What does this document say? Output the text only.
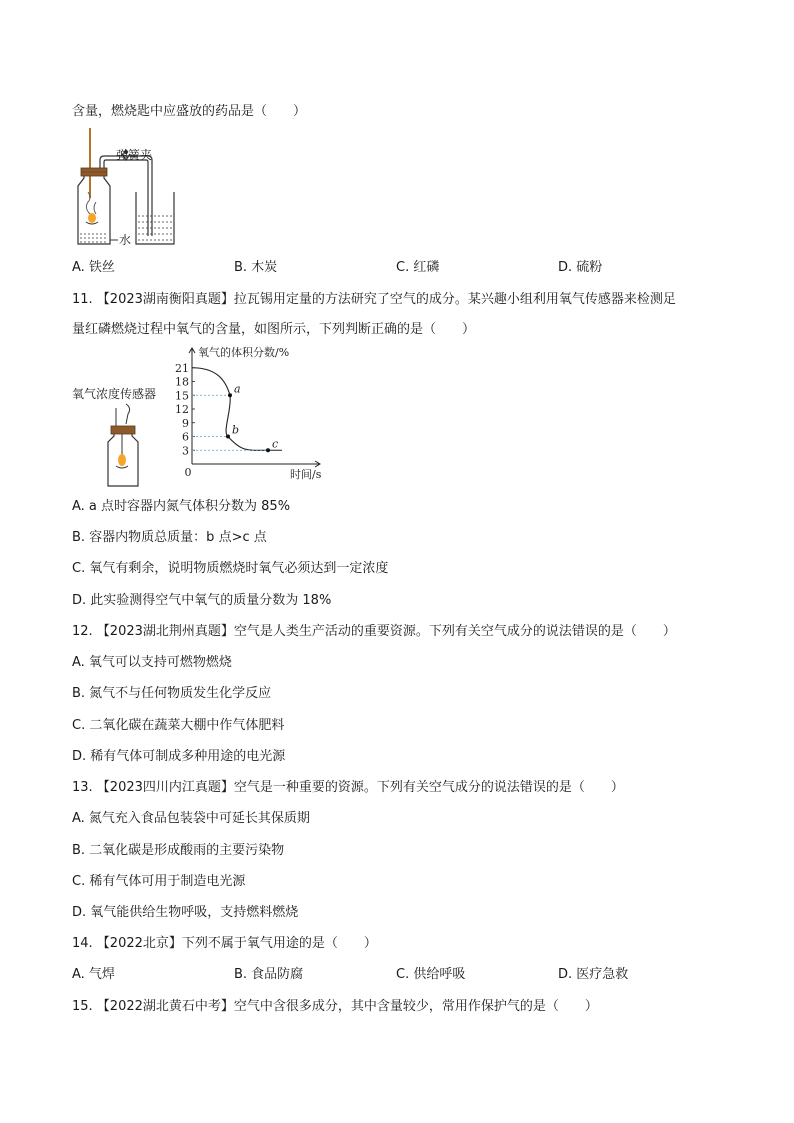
含量，燃烧匙中应盛放的药品是（　　）
弹簧夹
水
A. 铁丝	B. 木炭	C. 红磷	D. 硫粉
11. 【2023湖南衡阳真题】拉瓦锡用定量的方法研究了空气的成分。某兴趣小组利用氧气传感器来检测足
量红磷燃烧过程中氧气的含量，如图所示，下列判断正确的是（　　）
氧气浓度传感器
氧气的体积分数/%
时间/s
0
3
6
9
12
15
18
21
a
b
c
A. a 点时容器内氮气体积分数为 85%
B. 容器内物质总质量：b 点>c 点
C. 氧气有剩余，说明物质燃烧时氧气必须达到一定浓度
D. 此实验测得空气中氧气的质量分数为 18%
12. 【2023湖北荆州真题】空气是人类生产活动的重要资源。下列有关空气成分的说法错误的是（　　）
A. 氧气可以支持可燃物燃烧
B. 氮气不与任何物质发生化学反应
C. 二氧化碳在蔬菜大棚中作气体肥料
D. 稀有气体可制成多种用途的电光源
13. 【2023四川内江真题】空气是一种重要的资源。下列有关空气成分的说法错误的是（　　）
A. 氮气充入食品包装袋中可延长其保质期
B. 二氧化碳是形成酸雨的主要污染物
C. 稀有气体可用于制造电光源
D. 氧气能供给生物呼吸，支持燃料燃烧
14. 【2022北京】下列不属于氧气用途的是（　　）
A. 气焊	B. 食品防腐	C. 供给呼吸	D. 医疗急救
15. 【2022湖北黄石中考】空气中含很多成分，其中含量较少，常用作保护气的是（　　）
